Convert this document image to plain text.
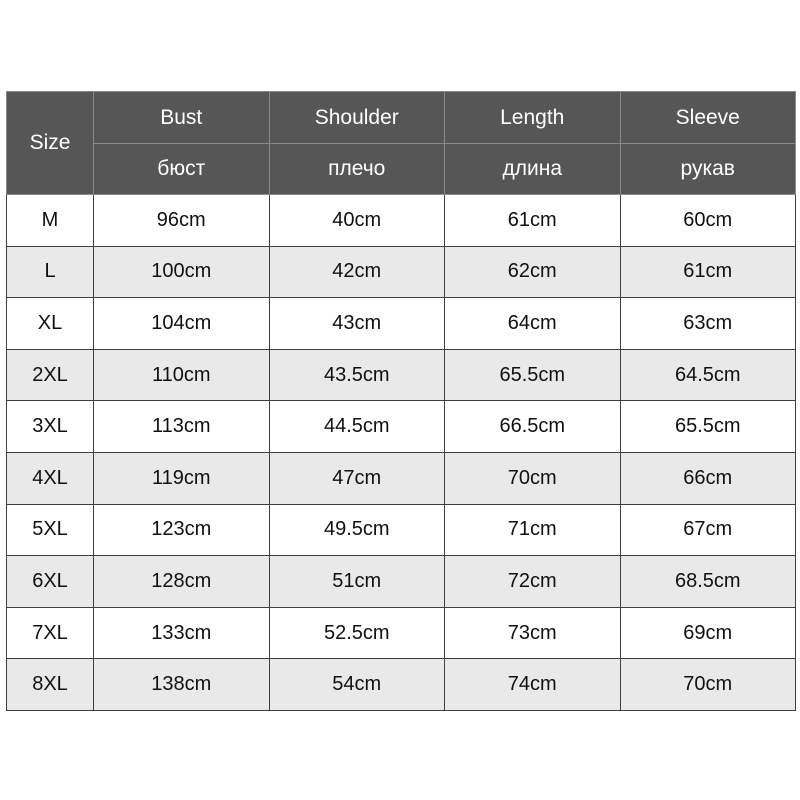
Size	Bust	Shoulder	Length	Sleeve
	бюст	плечо	длина	рукав
M	96cm	40cm	61cm	60cm
L	100cm	42cm	62cm	61cm
XL	104cm	43cm	64cm	63cm
2XL	110cm	43.5cm	65.5cm	64.5cm
3XL	113cm	44.5cm	66.5cm	65.5cm
4XL	119cm	47cm	70cm	66cm
5XL	123cm	49.5cm	71cm	67cm
6XL	128cm	51cm	72cm	68.5cm
7XL	133cm	52.5cm	73cm	69cm
8XL	138cm	54cm	74cm	70cm
